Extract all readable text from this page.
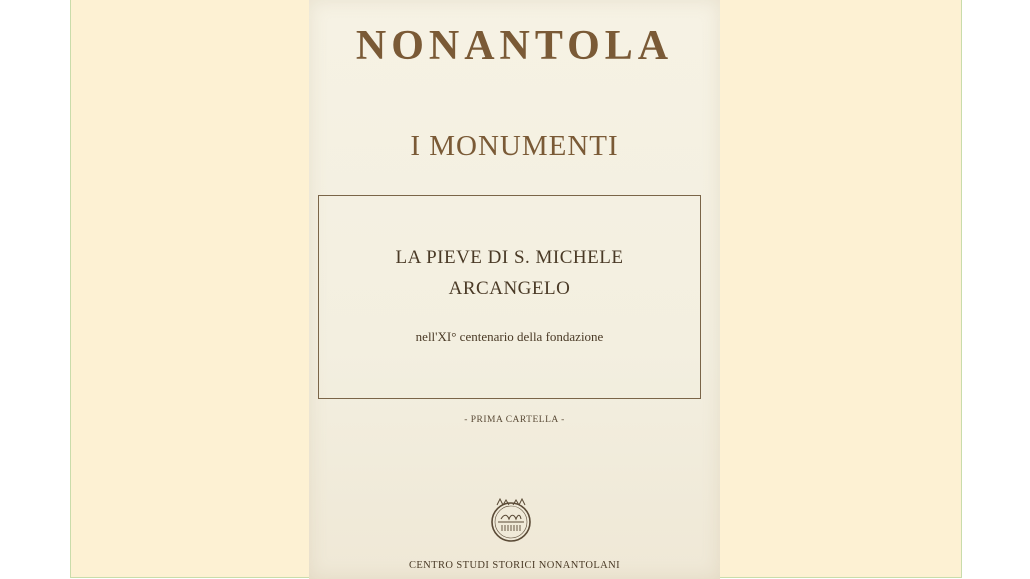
NONANTOLA
I MONUMENTI
LA PIEVE DI S. MICHELE
ARCANGELO
nell'XI° centenario della fondazione
- PRIMA CARTELLA -
CENTRO STUDI STORICI NONANTOLANI
